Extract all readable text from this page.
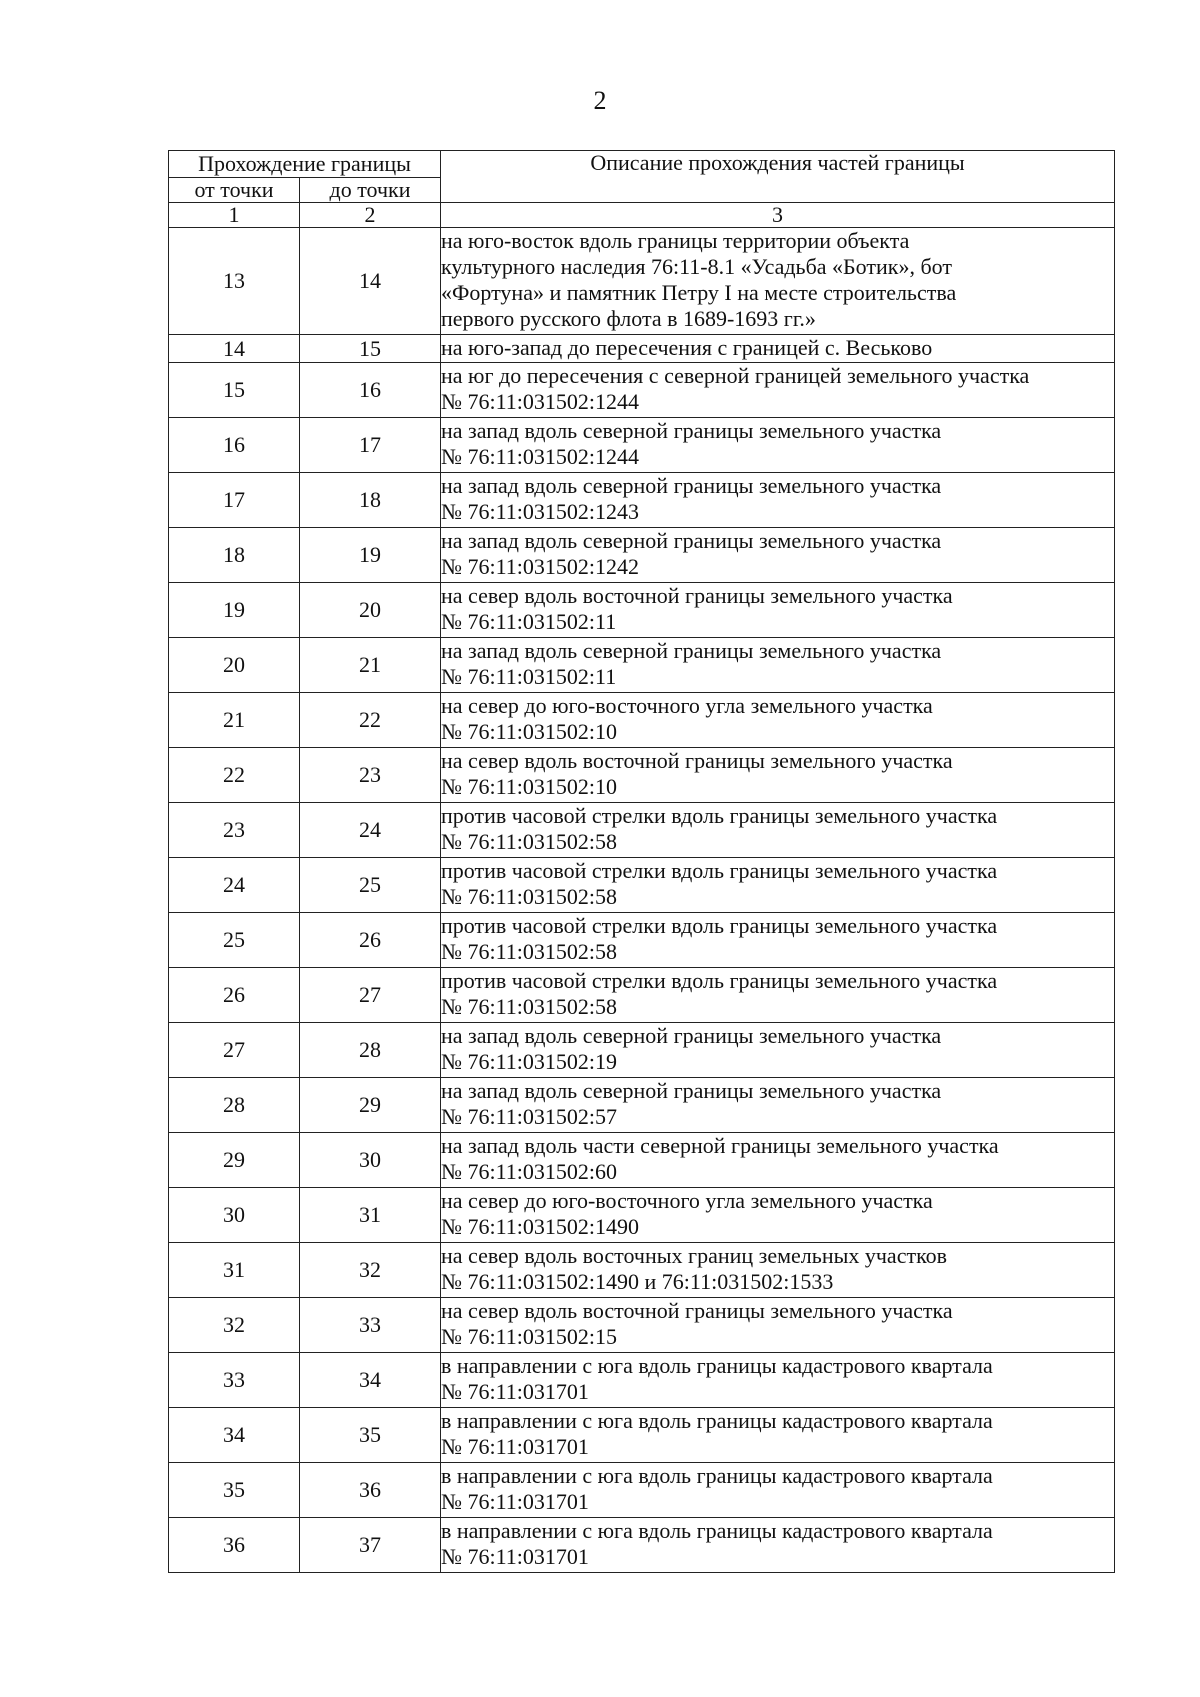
2
Прохождение границы		Описание прохождения частей границы
от точки	до точки	
1	2	3
13	14	на юго-восток вдоль границы территории объекта
культурного наследия 76:11-8.1 «Усадьба «Ботик», бот
«Фортуна» и памятник Петру I на месте строительства
первого русского флота в 1689-1693 гг.»

14	15	на юго-запад до пересечения с границей с. Веськово

15	16	на юг до пересечения с северной границей земельного участка
№ 76:11:031502:1244

16	17	на запад вдоль северной границы земельного участка
№ 76:11:031502:1244

17	18	на запад вдоль северной границы земельного участка
№ 76:11:031502:1243

18	19	на запад вдоль северной границы земельного участка
№ 76:11:031502:1242

19	20	на север вдоль восточной границы земельного участка
№ 76:11:031502:11

20	21	на запад вдоль северной границы земельного участка
№ 76:11:031502:11

21	22	на север до юго-восточного угла земельного участка
№ 76:11:031502:10

22	23	на север вдоль восточной границы земельного участка
№ 76:11:031502:10

23	24	против часовой стрелки вдоль границы земельного участка
№ 76:11:031502:58

24	25	против часовой стрелки вдоль границы земельного участка
№ 76:11:031502:58

25	26	против часовой стрелки вдоль границы земельного участка
№ 76:11:031502:58

26	27	против часовой стрелки вдоль границы земельного участка
№ 76:11:031502:58

27	28	на запад вдоль северной границы земельного участка
№ 76:11:031502:19

28	29	на запад вдоль северной границы земельного участка
№ 76:11:031502:57

29	30	на запад вдоль части северной границы земельного участка
№ 76:11:031502:60

30	31	на север до юго-восточного угла земельного участка
№ 76:11:031502:1490

31	32	на север вдоль восточных границ земельных участков
№ 76:11:031502:1490 и 76:11:031502:1533

32	33	на север вдоль восточной границы земельного участка
№ 76:11:031502:15

33	34	в направлении с юга вдоль границы кадастрового квартала
№ 76:11:031701

34	35	в направлении с юга вдоль границы кадастрового квартала
№ 76:11:031701

35	36	в направлении с юга вдоль границы кадастрового квартала
№ 76:11:031701

36	37	в направлении с юга вдоль границы кадастрового квартала
№ 76:11:031701
